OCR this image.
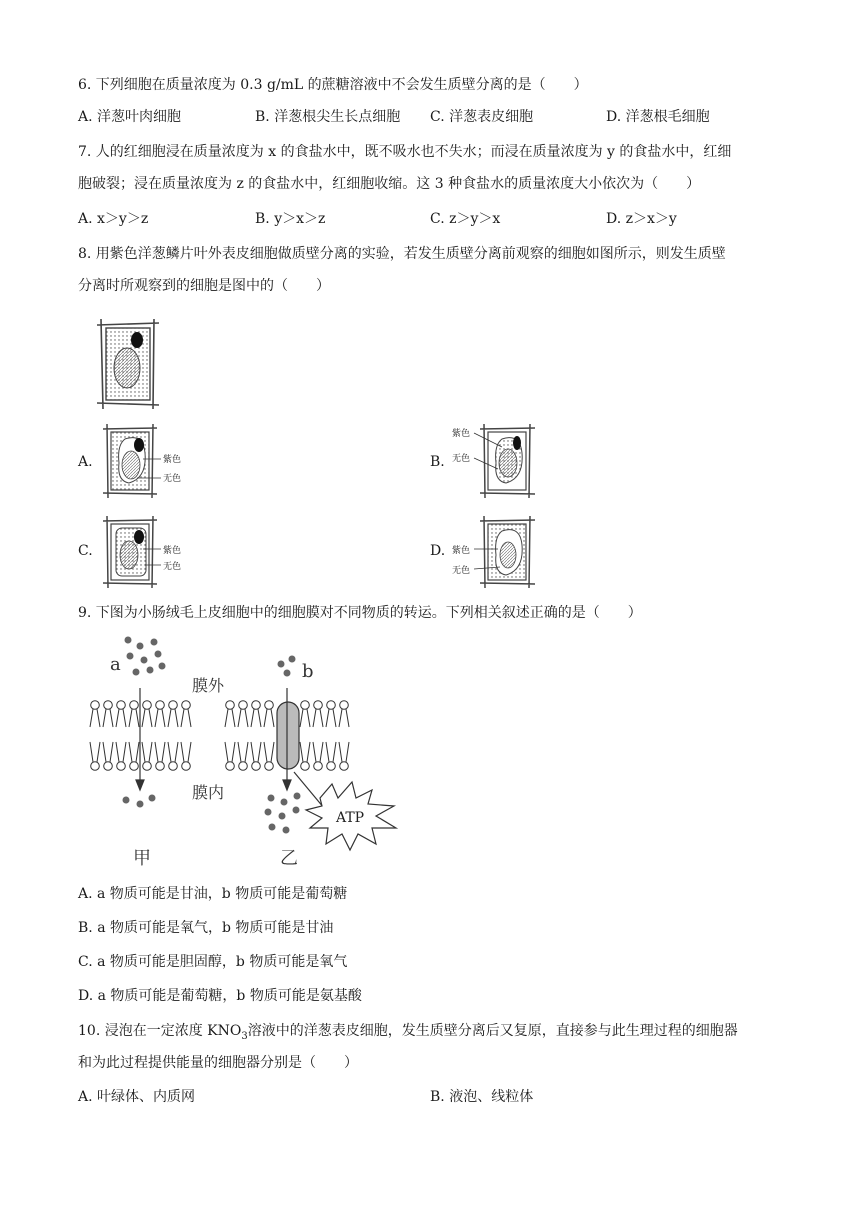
6. 下列细胞在质量浓度为 0.3 g/mL 的蔗糖溶液中不会发生质壁分离的是（　　）
A. 洋葱叶肉细胞	B. 洋葱根尖生长点细胞 C. 洋葱表皮细胞	D. 洋葱根毛细胞
7. 人的红细胞浸在质量浓度为 x 的食盐水中，既不吸水也不失水；而浸在质量浓度为 y 的食盐水中，红细
胞破裂；浸在质量浓度为 z 的食盐水中，红细胞收缩。这 3 种食盐水的质量浓度大小依次为（　　）
A. x＞y＞z	B. y＞x＞z	C. z＞y＞x	D. z＞x＞y
8. 用紫色洋葱鳞片叶外表皮细胞做质壁分离的实验，若发生质壁分离前观察的细胞如图所示，则发生质壁
分离时所观察到的细胞是图中的（　　）
A.	紫色
无色
B.
紫色
无色
C.	紫色
无色
D. 紫色
无色
9. 下图为小肠绒毛上皮细胞中的细胞膜对不同物质的转运。下列相关叙述正确的是（　　）
a	b
膜外
膜内
甲	乙
ATP
A. a 物质可能是甘油，b 物质可能是葡萄糖
B. a 物质可能是氧气，b 物质可能是甘油
C. a 物质可能是胆固醇，b 物质可能是氧气
D. a 物质可能是葡萄糖，b 物质可能是氨基酸
10. 浸泡在一定浓度 $KNO_3$溶液中的洋葱表皮细胞，发生质壁分离后又复原，直接参与此生理过程的细胞器
和为此过程提供能量的细胞器分别是（　　）
A. 叶绿体、内质网	B. 液泡、线粒体
